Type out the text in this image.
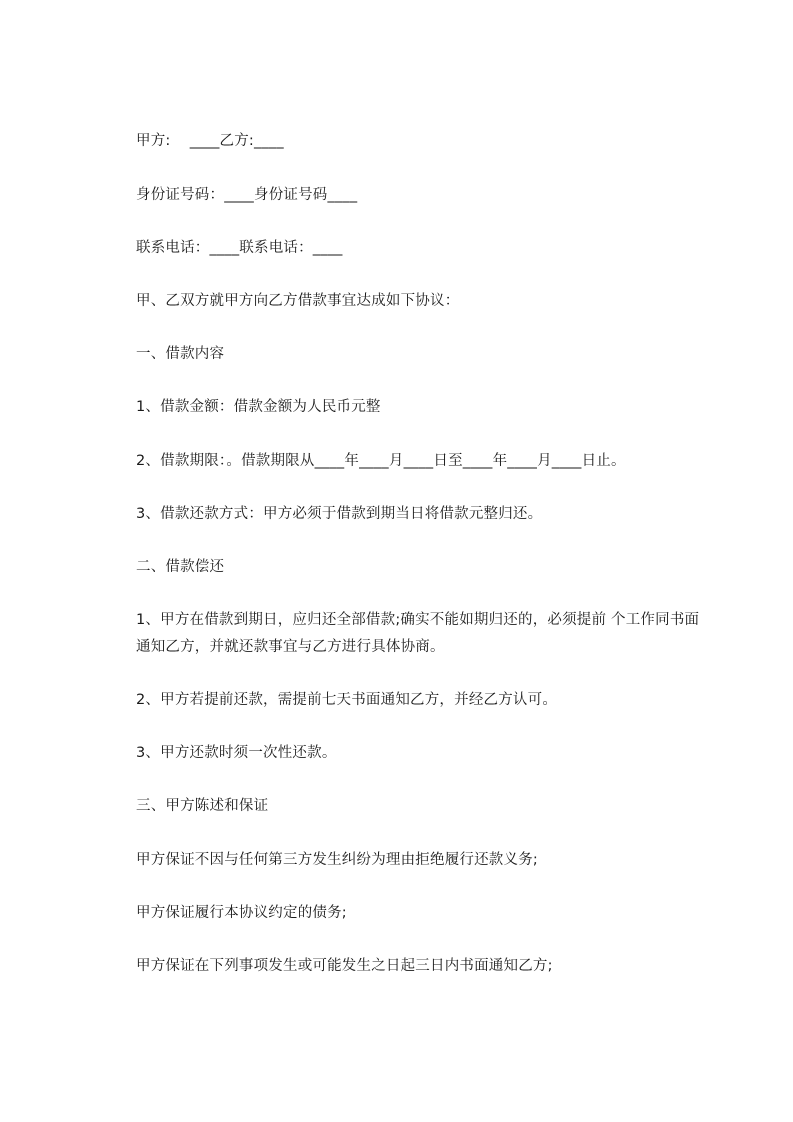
甲方:    ____乙方:____
身份证号码：____身份证号码____
联系电话：____联系电话：____
甲、乙双方就甲方向乙方借款事宜达成如下协议：
一、借款内容
1、借款金额：借款金额为人民币元整
2、借款期限：。借款期限从____年____月____日至____年____月____日止。
3、借款还款方式：甲方必须于借款到期当日将借款元整归还。
二、借款偿还
1、甲方在借款到期日，应归还全部借款;确实不能如期归还的，必须提前 个工作同书面通知乙方，并就还款事宜与乙方进行具体协商。
2、甲方若提前还款，需提前七天书面通知乙方，并经乙方认可。
3、甲方还款时须一次性还款。
三、甲方陈述和保证
甲方保证不因与任何第三方发生纠纷为理由拒绝履行还款义务;
甲方保证履行本协议约定的债务;
甲方保证在下列事项发生或可能发生之日起三日内书面通知乙方;
